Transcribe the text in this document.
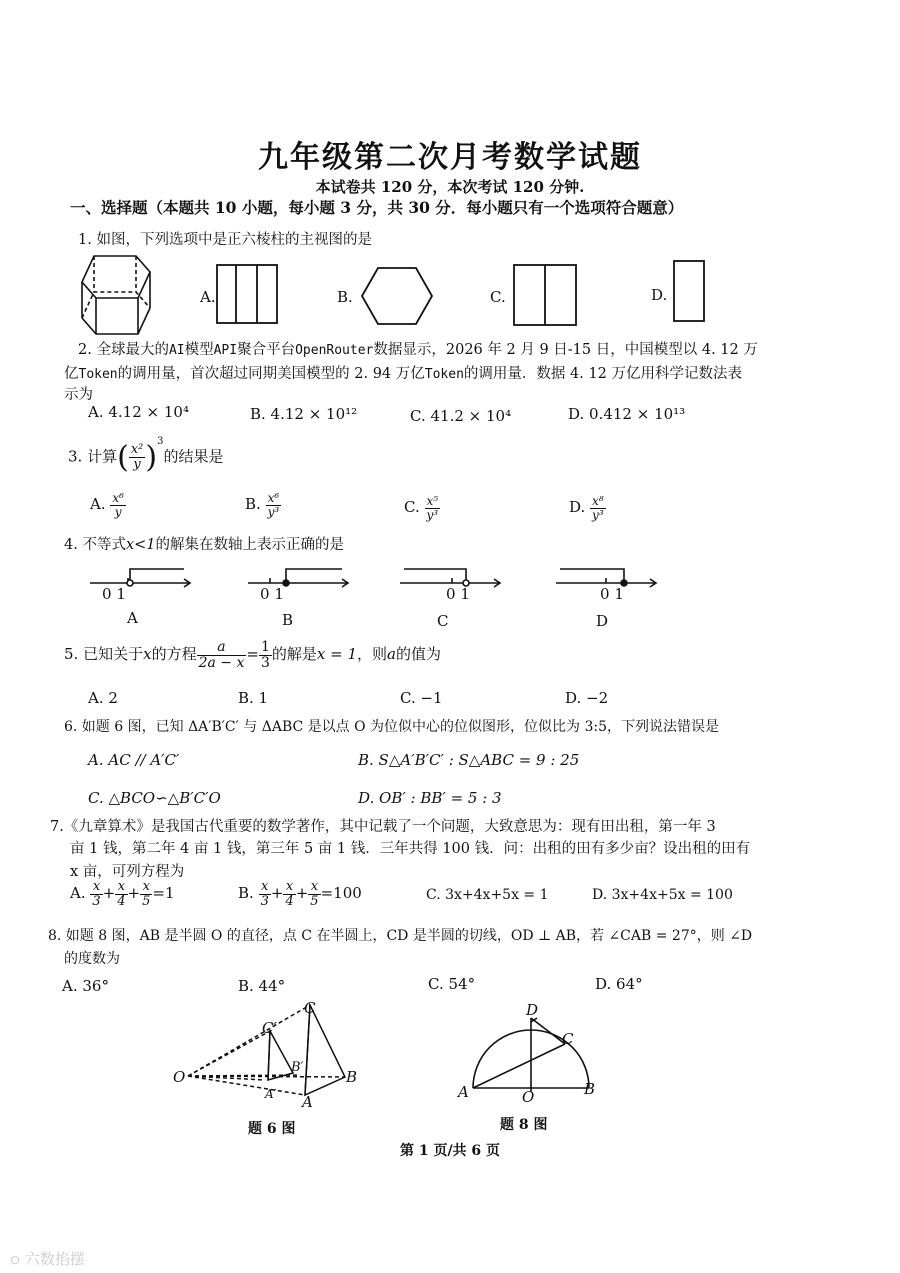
九年级第二次月考数学试题
本试卷共 120 分，本次考试 120 分钟.
一、选择题（本题共 10 小题，每小题 3 分，共 30 分．每小题只有一个选项符合题意）
1. 如图，下列选项中是正六棱柱的主视图的是
A.	B.	C.	D.
2. 全球最大的AI模型API聚合平台OpenRouter数据显示，2026 年 2 月 9 日-15 日，中国模型以 4. 12 万
亿Token的调用量，首次超过同期美国模型的 2. 94 万亿Token的调用量．数据 4. 12 万亿用科学记数法表
示为
A. 4.12 × 10⁴	B. 4.12 × 10¹²	C. 41.2 × 10⁴	D. 0.412 × 10¹³
3. 计算( $\frac{\text{x²}}{y} )^3$的结果是
A. $\frac{\text{x⁶}}{y}$	B. $\frac{\text{x⁶}}{\text{y³}}$	C. $\frac{\text{x⁵}}{\text{y³}}$	D. $\frac{\text{x⁸}}{\text{y³}}$
4. 不等式x<1的解集在数轴上表示正确的是
0 1
A
0 1
B
0 1
C
0 1
D
5. 已知关于x的方程 $\frac{a}{2a - x} = \frac{1}{3}$ 的解是x = 1，则a的值为
A. 2	B. 1	C. −1	D. −2
6. 如题 6 图，已知 ΔA′B′C′ 与 ΔABC 是以点 O 为位似中心的位似图形，位似比为 3:5，下列说法错误是
A. AC // A′C′	B. S△A′B′C′ : S△ABC = 9 : 25
C. △BCO∽△B′C′O	D. OB′ : BB′ = 5 : 3
7.《九章算术》是我国古代重要的数学著作，其中记载了一个问题，大致意思为：现有田出租，第一年 3
亩 1 钱，第二年 4 亩 1 钱，第三年 5 亩 1 钱．三年共得 100 钱．问：出租的田有多少亩？设出租的田有
x 亩，可列方程为
A. $\frac{x}{3} + \frac{x}{4} + \frac{x}{5} =1$	B. $\frac{x}{3} + \frac{x}{4} + \frac{x}{5} =100$	C. 3x+4x+5x = 1	D. 3x+4x+5x = 100
8. 如题 8 图，AB 是半圆 O 的直径，点 C 在半圆上，CD 是半圆的切线，OD ⊥ AB，若 ∠CAB = 27°，则 ∠D
的度数为
A. 36°	B. 44°	C. 54°	D. 64°
O
C
C′
B′
B
A′ A
题 6 图
A	B
C
D
O
题 8 图
第 1 页/共 6 页
ဝ 六数掐摆
